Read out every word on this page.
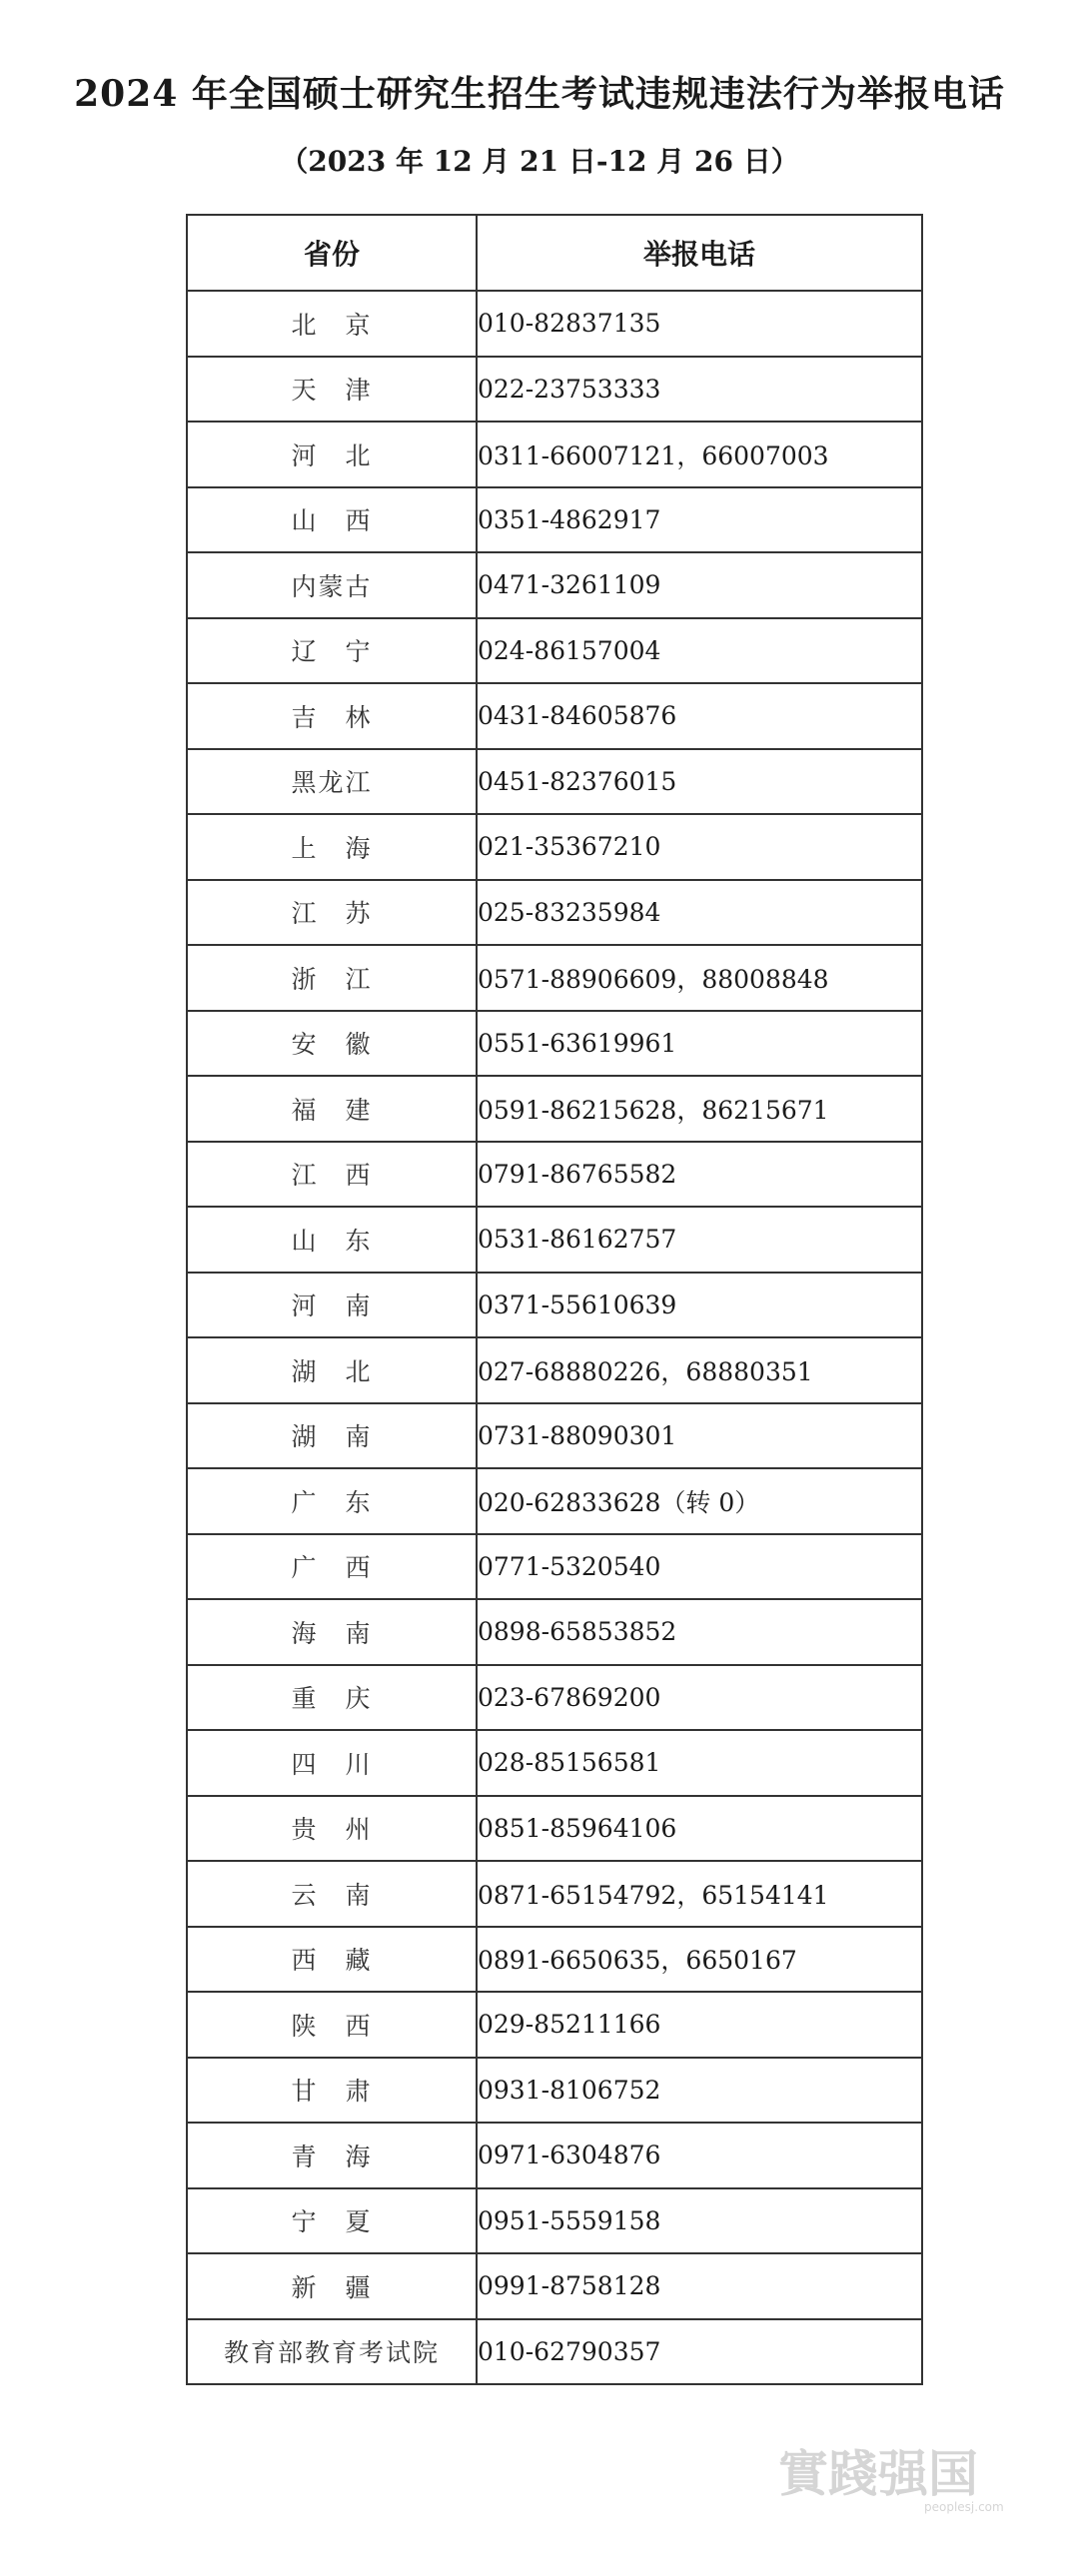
2024 年全国硕士研究生招生考试违规违法行为举报电话
（2023 年 12 月 21 日-12 月 26 日）
省份	举报电话
北　京	010-82837135
天　津	022-23753333
河　北	0311-66007121，66007003
山　西	0351-4862917
内蒙古	0471-3261109
辽　宁	024-86157004
吉　林	0431-84605876
黑龙江	0451-82376015
上　海	021-35367210
江　苏	025-83235984
浙　江	0571-88906609，88008848
安　徽	0551-63619961
福　建	0591-86215628，86215671
江　西	0791-86765582
山　东	0531-86162757
河　南	0371-55610639
湖　北	027-68880226，68880351
湖　南	0731-88090301
广　东	020-62833628（转 0）
广　西	0771-5320540
海　南	0898-65853852
重　庆	023-67869200
四　川	028-85156581
贵　州	0851-85964106
云　南	0871-65154792，65154141
西　藏	0891-6650635，6650167
陕　西	029-85211166
甘　肃	0931-8106752
青　海	0971-6304876
宁　夏	0951-5559158
新　疆	0991-8758128
教育部教育考试院	010-62790357
實踐强国
peoplesj.com
